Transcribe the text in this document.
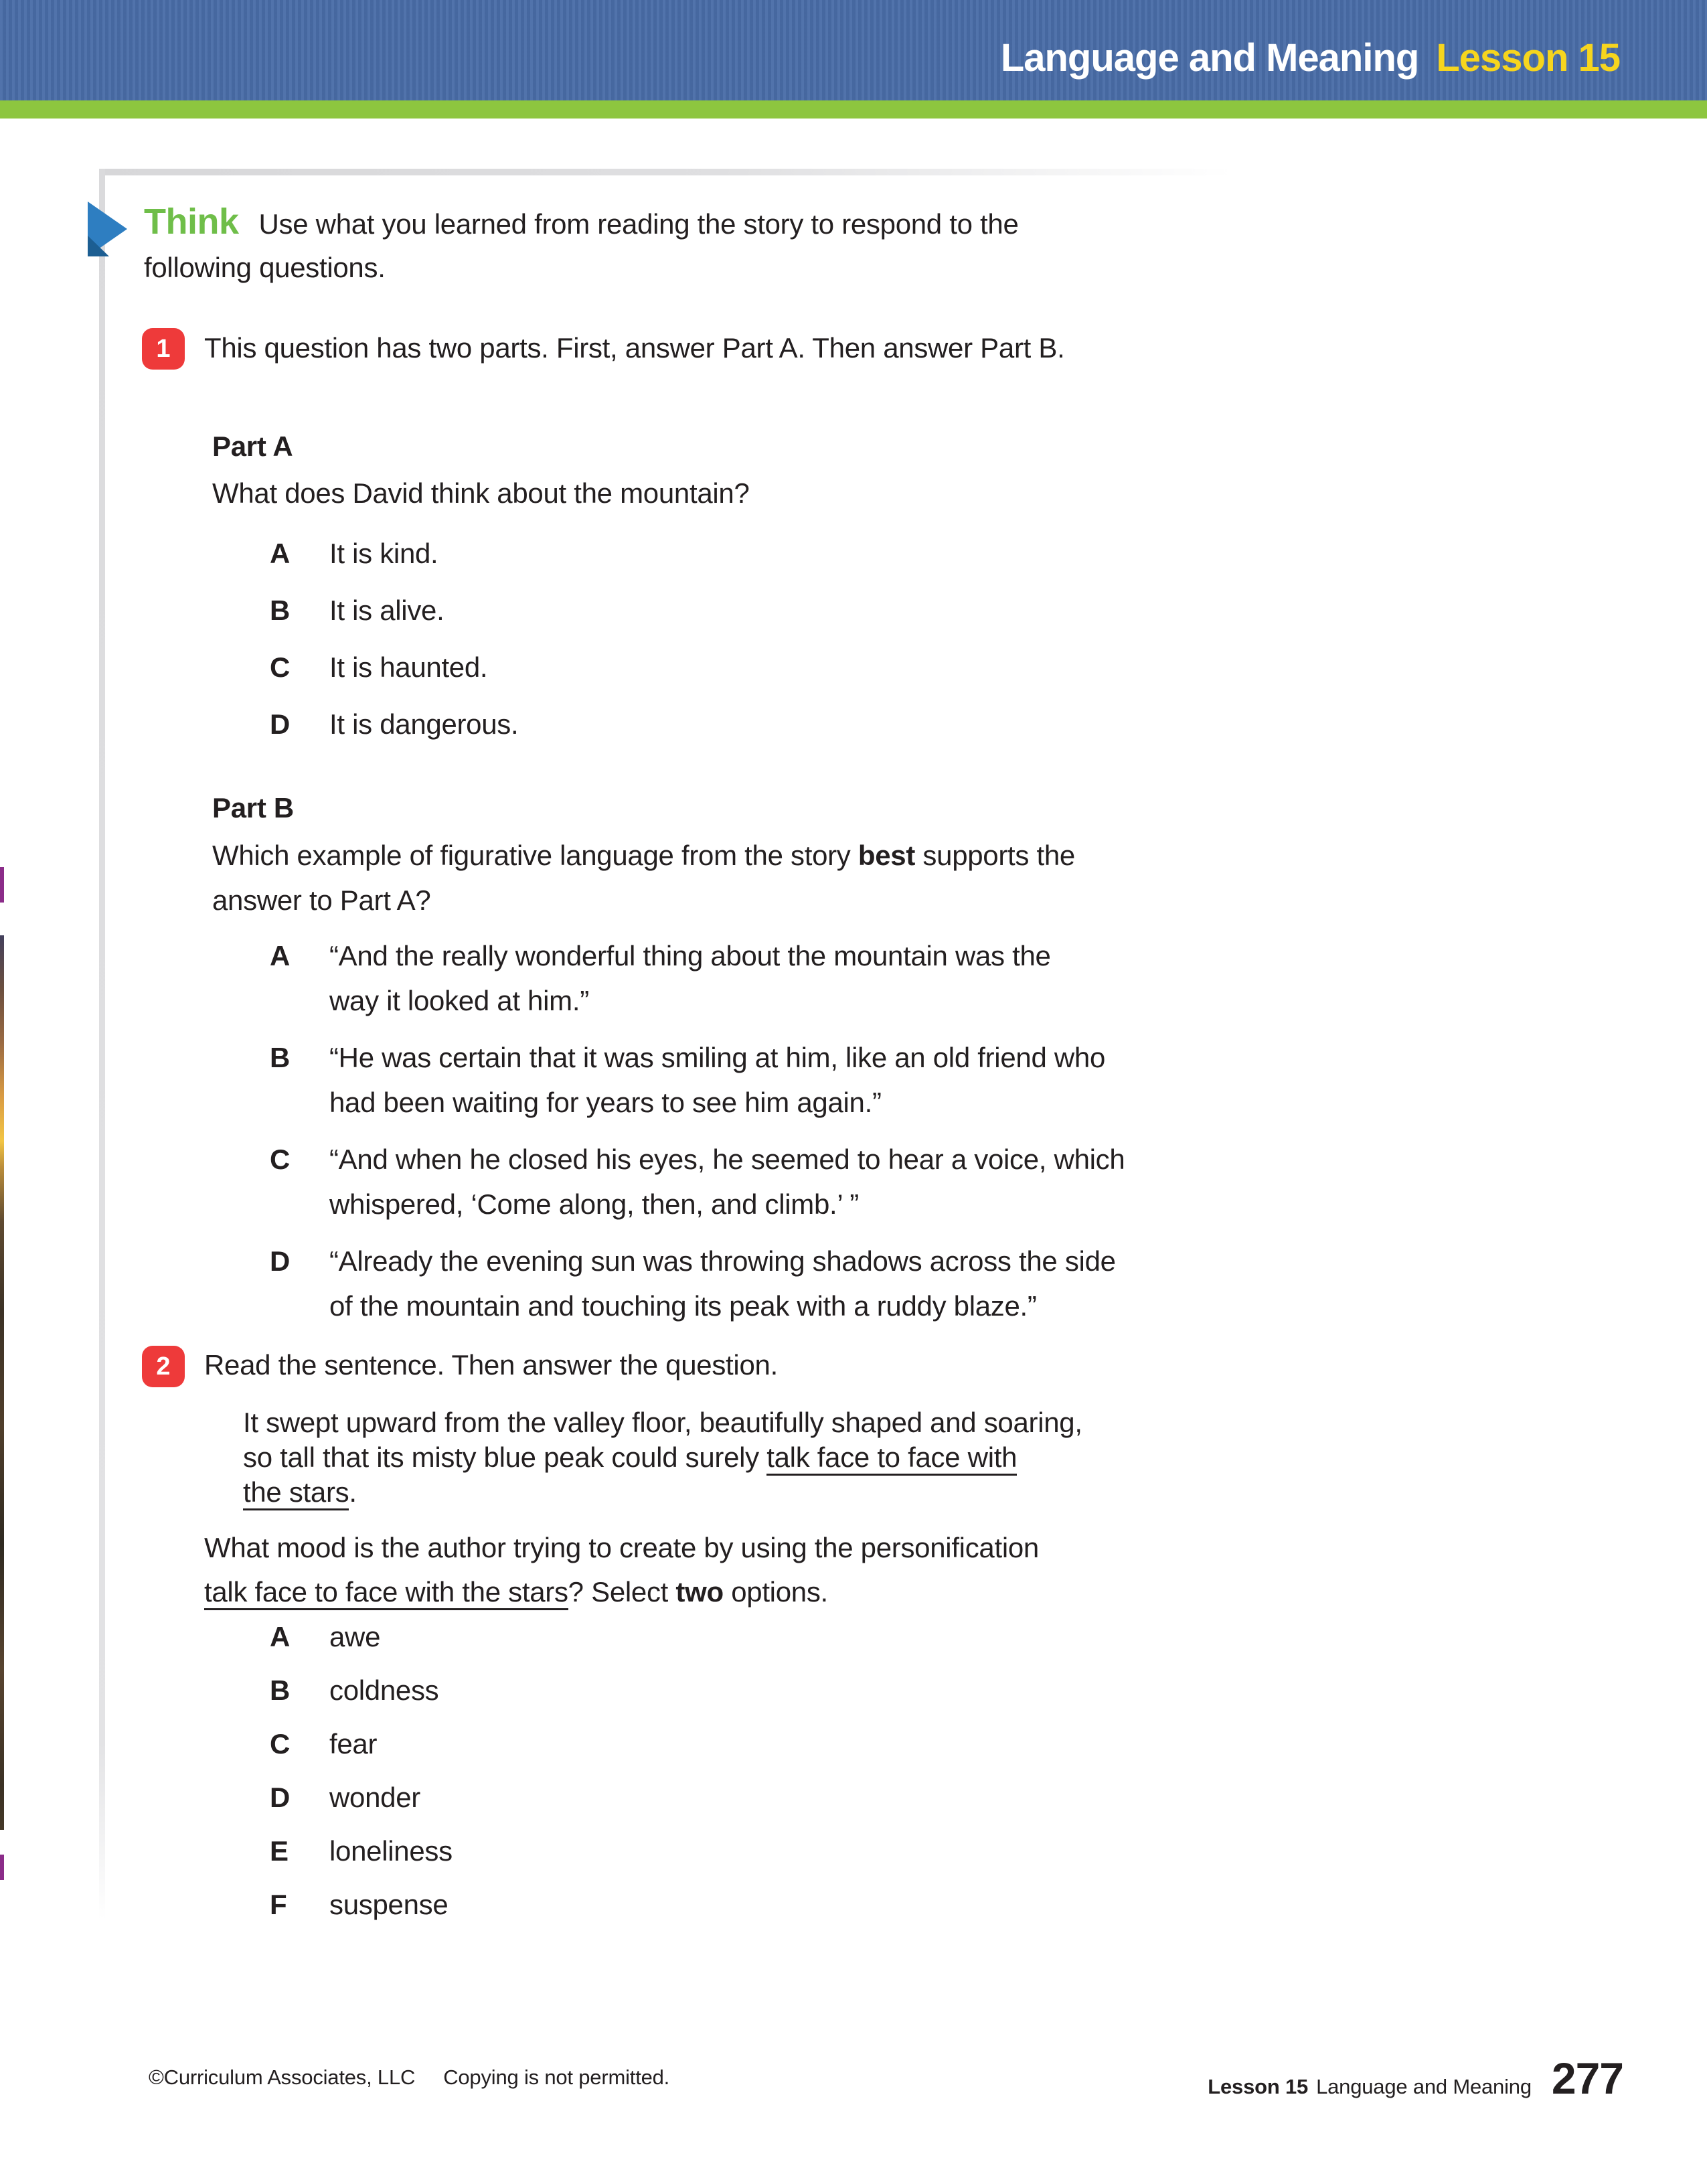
Language and Meaning Lesson 15
Think Use what you learned from reading the story to respond to the
following questions.
1 This question has two parts. First, answer Part A. Then answer Part B.
Part A
What does David think about the mountain?
A	It is kind.
B	It is alive.
C	It is haunted.
D	It is dangerous.
Part B
Which example of figurative language from the story best supports the
answer to Part A?
A	“And the really wonderful thing about the mountain was the
way it looked at him.”
B	“He was certain that it was smiling at him, like an old friend who
had been waiting for years to see him again.”
C	“And when he closed his eyes, he seemed to hear a voice, which
whispered, ‘Come along, then, and climb.’ ”
D	“Already the evening sun was throwing shadows across the side
of the mountain and touching its peak with a ruddy blaze.”
2 Read the sentence. Then answer the question.
It swept upward from the valley floor, beautifully shaped and soaring,
so tall that its misty blue peak could surely talk face to face with
the stars.
What mood is the author trying to create by using the personification
talk face to face with the stars? Select two options.
A	awe
B	coldness
C	fear
D	wonder
E	loneliness
F	suspense
©Curriculum Associates, LLC Copying is not permitted.	Lesson 15 Language and Meaning 277
